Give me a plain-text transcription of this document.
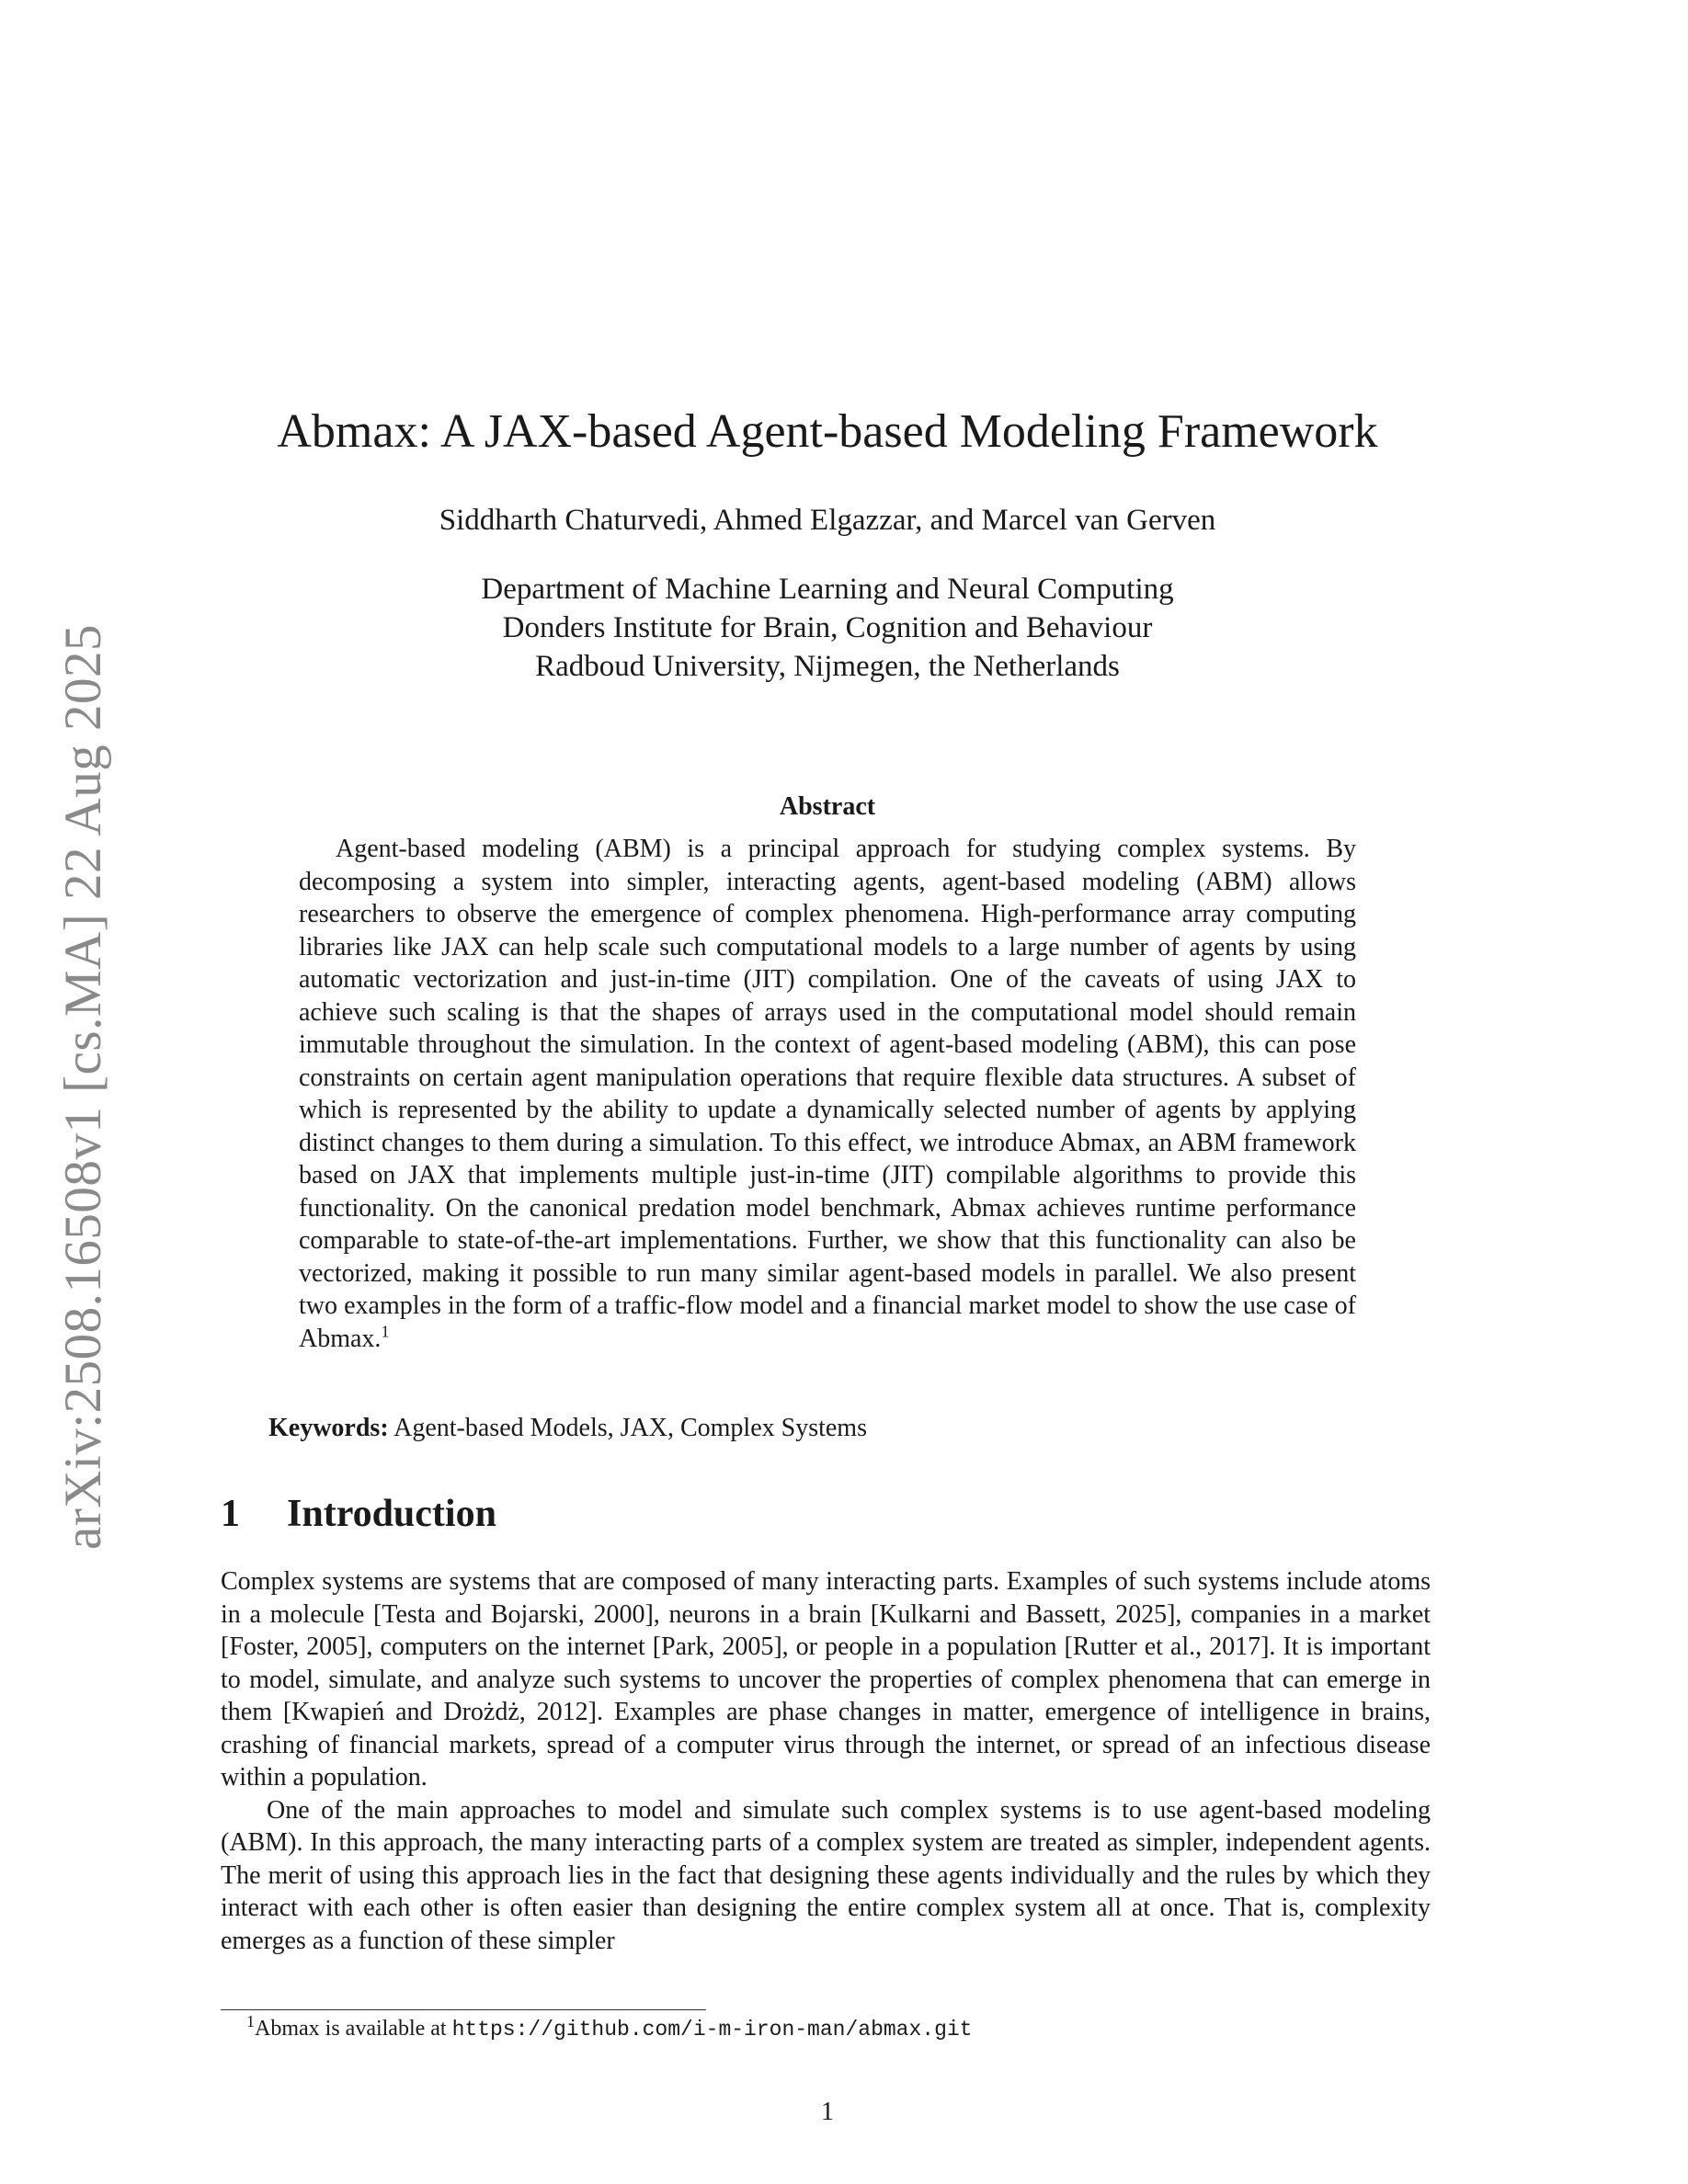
arXiv:2508.16508v1 [cs.MA] 22 Aug 2025
Abmax: A JAX-based Agent-based Modeling Framework
Siddharth Chaturvedi, Ahmed Elgazzar, and Marcel van Gerven
Department of Machine Learning and Neural Computing
Donders Institute for Brain, Cognition and Behaviour
Radboud University, Nijmegen, the Netherlands
Abstract

Agent-based modeling (ABM) is a principal approach for studying complex systems. By decomposing a system into simpler, interacting agents, agent-based modeling (ABM) allows researchers to observe the emergence of complex phenomena. High-performance array computing libraries like JAX can help scale such computational models to a large number of agents by using automatic vectorization and just-in-time (JIT) compilation. One of the caveats of using JAX to achieve such scaling is that the shapes of arrays used in the computational model should remain immutable throughout the simulation. In the context of agent-based modeling (ABM), this can pose constraints on certain agent manipulation operations that require flexible data structures. A subset of which is represented by the ability to update a dynamically selected number of agents by applying distinct changes to them during a simulation. To this effect, we introduce Abmax, an ABM framework based on JAX that implements multiple just-in-time (JIT) compilable algorithms to provide this functionality. On the canonical predation model benchmark, Abmax achieves runtime performance comparable to state-of-the-art implementations. Further, we show that this functionality can also be vectorized, making it possible to run many similar agent-based models in parallel. We also present two examples in the form of a traffic-flow model and a financial market model to show the use case of Abmax.$^1$

Keywords: Agent-based Models, JAX, Complex Systems
1 Introduction

Complex systems are systems that are composed of many interacting parts. Examples of such systems include atoms in a molecule [Testa and Bojarski, 2000], neurons in a brain [Kulkarni and Bassett, 2025], companies in a market [Foster, 2005], computers on the internet [Park, 2005], or people in a population [Rutter et al., 2017]. It is important to model, simulate, and analyze such systems to uncover the properties of complex phenomena that can emerge in them [Kwapień and Drożdż, 2012]. Examples are phase changes in matter, emergence of intelligence in brains, crashing of financial markets, spread of a computer virus through the internet, or spread of an infectious disease within a population.

One of the main approaches to model and simulate such complex systems is to use agent-based modeling (ABM). In this approach, the many interacting parts of a complex system are treated as simpler, independent agents. The merit of using this approach lies in the fact that designing these agents individually and the rules by which they interact with each other is often easier than designing the entire complex system all at once. That is, complexity emerges as a function of these simpler

$^1$Abmax is available at https://github.com/i-m-iron-man/abmax.git
1
